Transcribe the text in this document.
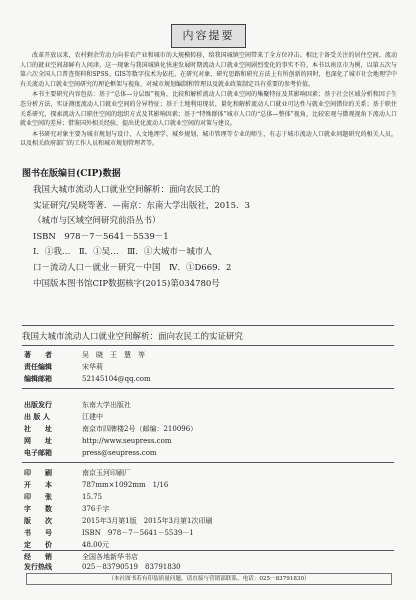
内容提要

改革开放以来，农村剩余劳动力向非农产业和城市的大规模转移，给我国城镇空间带来了全方位冲击。相比于备受关注的居住空间，流动人口的就业空间却鲜有人问津。这一现象与我国城镇化快速发展时期流动人口就业空间剧烈变化的事实不符。本书以南京市为例，以第五次与第六次全国人口普查资料和SPSS、GIS等数字技术为依托，在研究对象、研究思路和研究方法上有所创新的同时，也深化了城市社会地理学中有关流动人口就业空间研究的理论框架与视角，对城市规划编制和管理以及就业政策制定具有重要的参考价值。

本书主要研究内容包括：基于“总体—分层级”视角，比较和解析流动人口就业空间的集聚特征及其影响因素；基于社会区域分析和因子生态分析方法，实证测度流动人口就业空间的分异特征；基于土地利用现状、量化和解析流动人口就业可达性与就业空间错位的关系；基于职住关系研究，探索流动人口职住空间的组织方式及其影响因素；基于“特殊群体”城市人口的“总体—整体”视角，比较宏观与微观视角下流动人口就业空间的差异；借鉴国外相关经验，提出优化流动人口就业空间的对策与建议。

本书研究对象主要为城市规划与设计、人文地理学、城乡规划、城市管理等专业的师生，有志于城市流动人口就业问题研究的相关人员，以及相关政府部门的工作人员和城市规划管理者等。

图书在版编目(CIP)数据
我国大城市流动人口就业空间解析：面向农民工的
实证研究/吴晓等著．—南京：东南大学出版社，2015．3
（城市与区域空间研究前沿丛书）
ISBN　978－7－5641－5539－1
Ⅰ．①我…　Ⅱ．①吴…　Ⅲ．①大城市－城市人
口－流动人口－就业－研究－中国　Ⅳ．①D669．2
中国版本图书馆CIP数据核字(2015)第034780号
我国大城市流动人口就业空间解析：面向农民工的实证研究
著　　者	吴　晓　王　慧　等
责任编辑	宋华莉
编辑邮箱	52145104@qq.com
出版发行	东南大学出版社
出 版 人	江建中
社　　址	南京市四牌楼2号（邮编：210096）
网　　址	http://www.seupress.com
电子邮箱	press@seupress.com
印　　刷	南京玉河印刷厂
开　　本	787mm×1092mm　1/16
印　　张	15.75
字　　数	376千字
版　　次	2015年3月第1版　2015年3月第1次印刷
书　　号	ISBN　978－7－5641－5539－1
定　　价	48.00元
经　　销	全国各地新华书店
发行热线	025－83790519　83791830
（本社图书若有印装质量问题，请直接与营销部联系。电话：025－83791830）
